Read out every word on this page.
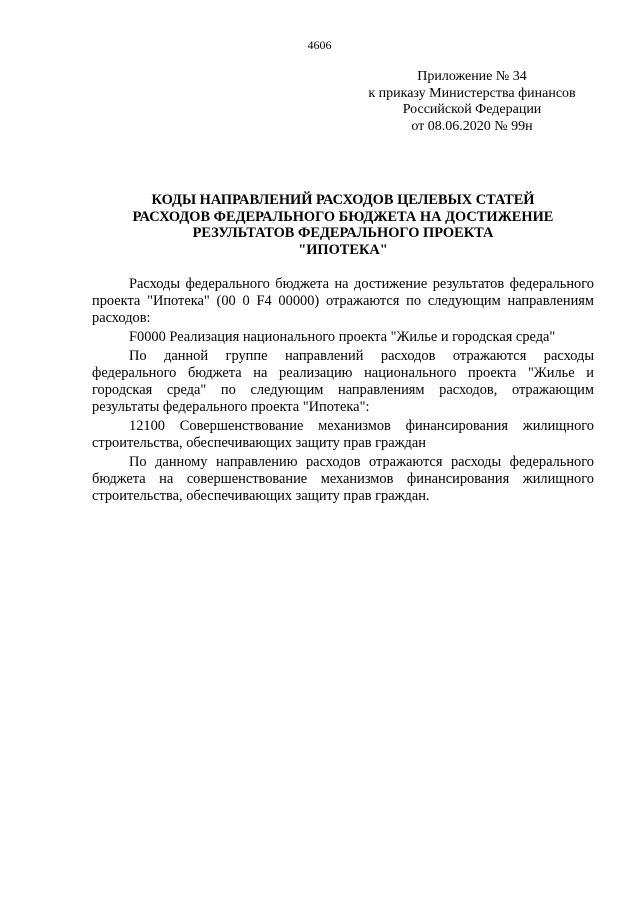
4606
Приложение № 34
к приказу Министерства финансов
Российской Федерации
от 08.06.2020 № 99н
КОДЫ НАПРАВЛЕНИЙ РАСХОДОВ ЦЕЛЕВЫХ СТАТЕЙ
РАСХОДОВ ФЕДЕРАЛЬНОГО БЮДЖЕТА НА ДОСТИЖЕНИЕ
РЕЗУЛЬТАТОВ ФЕДЕРАЛЬНОГО ПРОЕКТА
"ИПОТЕКА"

Расходы федерального бюджета на достижение результатов федерального проекта "Ипотека" (00 0 F4 00000) отражаются по следующим направлениям расходов:

F0000 Реализация национального проекта "Жилье и городская среда"

По данной группе направлений расходов отражаются расходы федерального бюджета на реализацию национального проекта "Жилье и городская среда" по следующим направлениям расходов, отражающим результаты федерального проекта "Ипотека":

12100 Совершенствование механизмов финансирования жилищного строительства, обеспечивающих защиту прав граждан

По данному направлению расходов отражаются расходы федерального бюджета на совершенствование механизмов финансирования жилищного строительства, обеспечивающих защиту прав граждан.
